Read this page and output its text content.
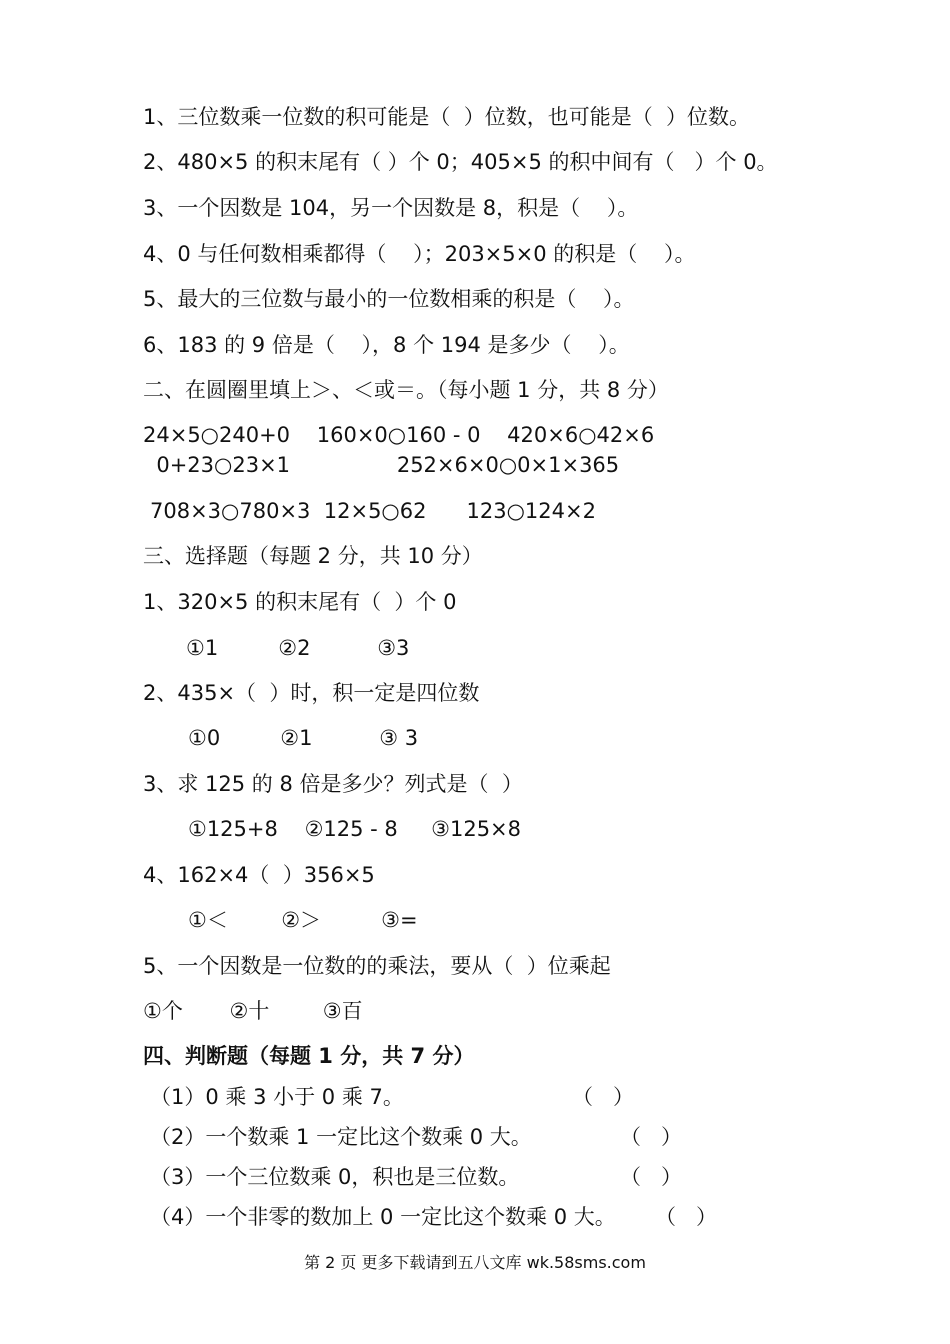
1、三位数乘一位数的积可能是（  ）位数，也可能是（  ）位数。
2、480×5 的积末尾有（ ）个 0；405×5 的积中间有（   ）个 0。
3、一个因数是 104，另一个因数是 8，积是（    ）。
4、0 与任何数相乘都得（    ）；203×5×0 的积是（    ）。
5、最大的三位数与最小的一位数相乘的积是（    ）。
6、183 的 9 倍是（    ），8 个 194 是多少（    ）。
二、在圆圈里填上＞、＜或＝。（每小题 1 分，共 8 分）
24×5○240+0    160×0○160 - 0    420×6○42×6
0+23○23×1                252×6×0○0×1×365
708×3○780×3  12×5○62      123○124×2
三、选择题（每题 2 分，共 10 分）
1、320×5 的积末尾有（  ）个 0
①1         ②2          ③3
2、435×（  ）时，积一定是四位数
①0         ②1          ③ 3
3、求 125 的 8 倍是多少？列式是（  ）
①125+8    ②125 - 8     ③125×8
4、162×4（  ）356×5
①＜        ②＞         ③=
5、一个因数是一位数的的乘法，要从（  ）位乘起
①个       ②十        ③百
四、判断题（每题 1 分，共 7 分）
（1）0 乘 3 小于 0 乘 7。	（   ）
（2）一个数乘 1 一定比这个数乘 0 大。	（   ）
（3）一个三位数乘 0，积也是三位数。	（   ）
（4）一个非零的数加上 0 一定比这个数乘 0 大。 （   ）
第 2 页 更多下载请到五八文库 wk.58sms.com
